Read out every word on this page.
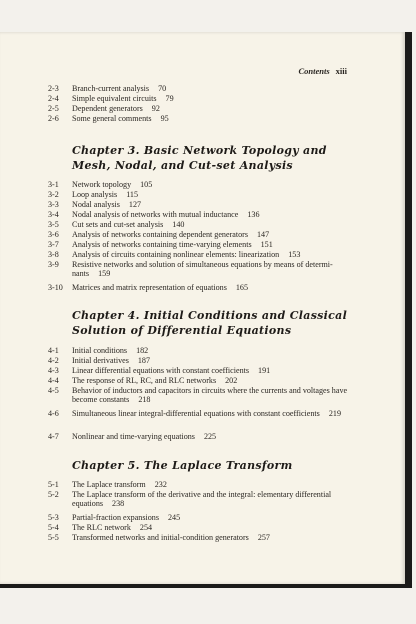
Contents xiii
2-3	Branch-current analysis 70
2-4	Simple equivalent circuits 79
2-5	Dependent generators 92
2-6	Some general comments 95
Chapter 3. Basic Network Topology and
Mesh, Nodal, and Cut-set Analysis
3-1	Network topology 105
3-2	Loop analysis 115
3-3	Nodal analysis 127
3-4	Nodal analysis of networks with mutual inductance 136
3-5	Cut sets and cut-set analysis 140
3-6	Analysis of networks containing dependent generators 147
3-7	Analysis of networks containing time-varying elements 151
3-8	Analysis of circuits containing nonlinear elements: linearization 153
3-9	Resistive networks and solution of simultaneous equations by means of determi- nants 159
3-10	Matrices and matrix representation of equations 165
Chapter 4. Initial Conditions and Classical
Solution of Differential Equations
4-1	Initial conditions 182
4-2	Initial derivatives 187
4-3	Linear differential equations with constant coefficients 191
4-4	The response of RL, RC, and RLC networks 202
4-5	Behavior of inductors and capacitors in circuits where the currents and voltages have become constants 218
4-6	Simultaneous linear integral-differential equations with constant coefficients 219
4-7	Nonlinear and time-varying equations 225
Chapter 5. The Laplace Transform
5-1	The Laplace transform 232
5-2	The Laplace transform of the derivative and the integral: elementary differential equations 238
5-3	Partial-fraction expansions 245
5-4	The RLC network 254
5-5	Transformed networks and initial-condition generators 257
